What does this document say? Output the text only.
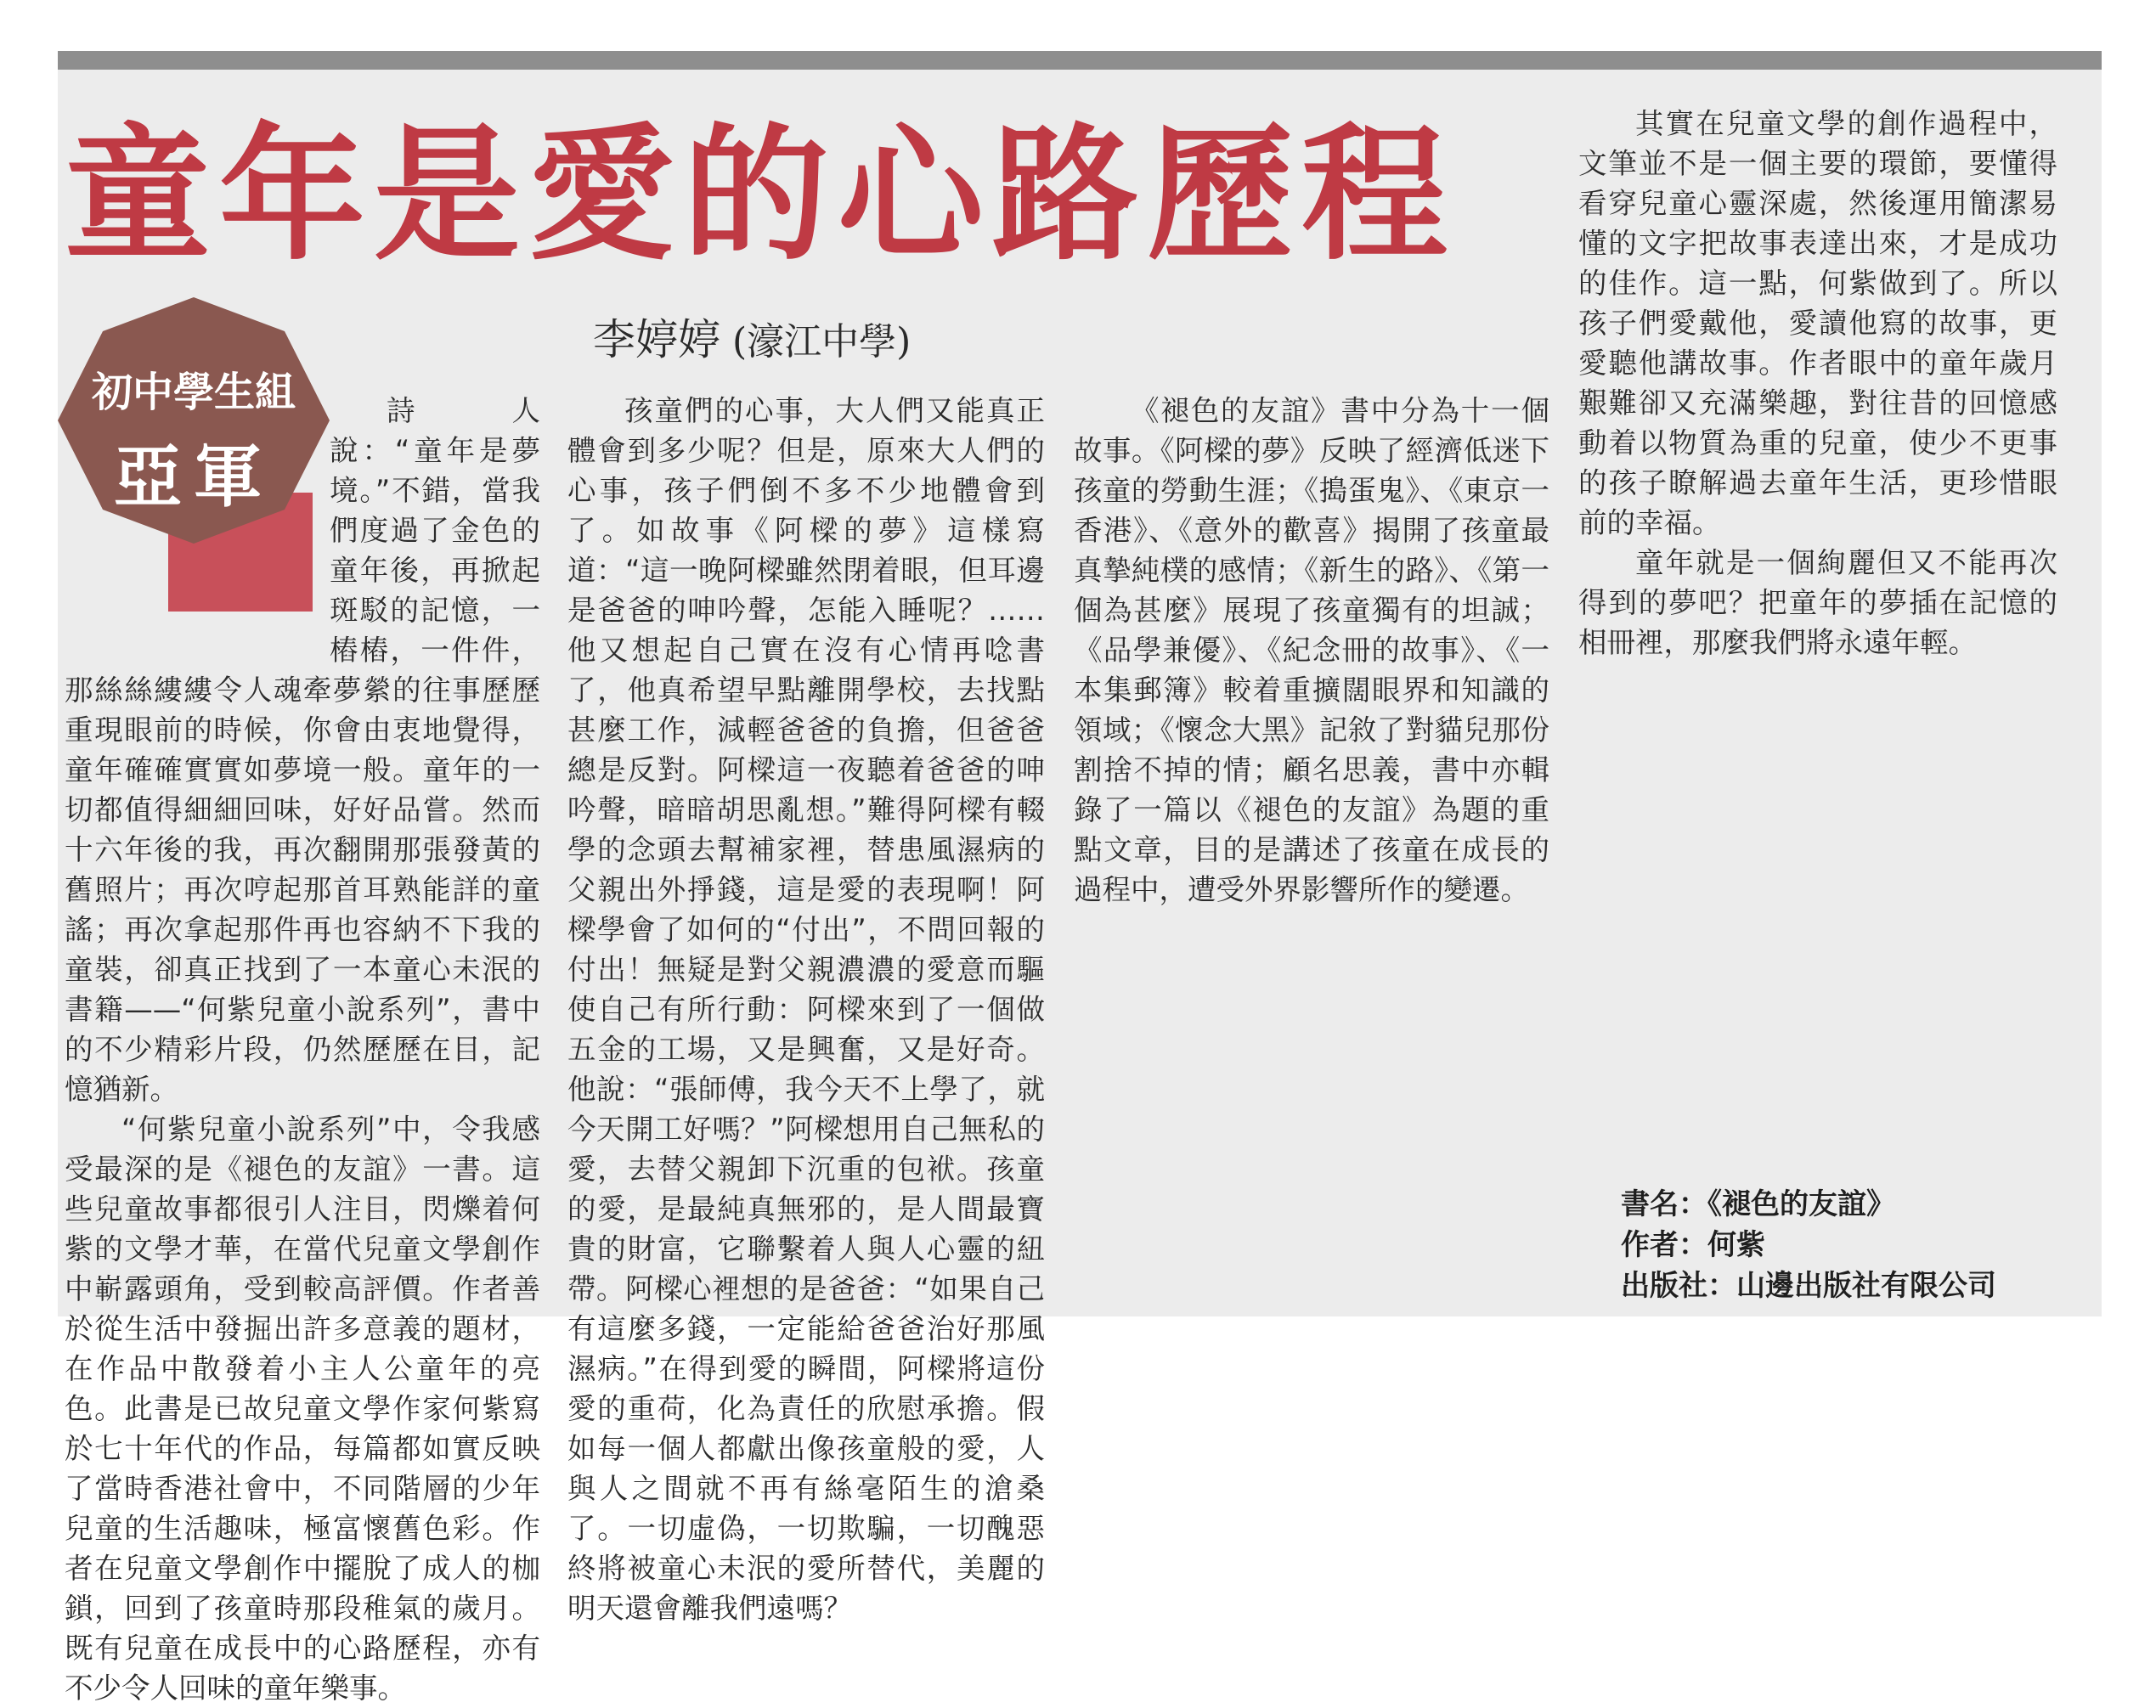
童年是愛的心路歷程
李婷婷 (濠江中學)
初中學生組
亞軍

詩人說：“童年是夢境。”不錯，當我們度過了金色的童年後，再掀起斑駁的記憶，一樁樁，一件件，那絲絲縷縷令人魂牽夢縈的往事歷歷重現眼前的時候，你會由衷地覺得，童年確確實實如夢境一般。童年的一切都值得細細回味，好好品嘗。然而十六年後的我，再次翻開那張發黃的舊照片；再次哼起那首耳熟能詳的童謠；再次拿起那件再也容納不下我的童裝，卻真正找到了一本童心未泯的書籍——“何紫兒童小說系列”，書中的不少精彩片段，仍然歷歷在目，記憶猶新。

“何紫兒童小說系列”中，令我感受最深的是《褪色的友誼》一書。這些兒童故事都很引人注目，閃爍着何紫的文學才華，在當代兒童文學創作中嶄露頭角，受到較高評價。作者善於從生活中發掘出許多意義的題材，在作品中散發着小主人公童年的亮色。此書是已故兒童文學作家何紫寫於七十年代的作品，每篇都如實反映了當時香港社會中，不同階層的少年兒童的生活趣味，極富懷舊色彩。作者在兒童文學創作中擺脫了成人的枷鎖，回到了孩童時那段稚氣的歲月。既有兒童在成長中的心路歷程，亦有不少令人回味的童年樂事。

孩童們的心事，大人們又能真正體會到多少呢？但是，原來大人們的心事，孩子們倒不多不少地體會到了。如故事《阿樑的夢》這樣寫道：“這一晚阿樑雖然閉着眼，但耳邊是爸爸的呻吟聲，怎能入睡呢？……他又想起自己實在沒有心情再唸書了，他真希望早點離開學校，去找點甚麼工作，減輕爸爸的負擔，但爸爸總是反對。阿樑這一夜聽着爸爸的呻吟聲，暗暗胡思亂想。”難得阿樑有輟學的念頭去幫補家裡，替患風濕病的父親出外掙錢，這是愛的表現啊！阿樑學會了如何的“付出”，不問回報的付出！無疑是對父親濃濃的愛意而驅使自己有所行動：阿樑來到了一個做五金的工場，又是興奮，又是好奇。他說：“張師傅，我今天不上學了，就今天開工好嗎？”阿樑想用自己無私的愛，去替父親卸下沉重的包袱。孩童的愛，是最純真無邪的，是人間最寶貴的財富，它聯繫着人與人心靈的紐帶。阿樑心裡想的是爸爸：“如果自己有這麼多錢，一定能給爸爸治好那風濕病。”在得到愛的瞬間，阿樑將這份愛的重荷，化為責任的欣慰承擔。假如每一個人都獻出像孩童般的愛，人與人之間就不再有絲毫陌生的滄桑了。一切虛偽，一切欺騙，一切醜惡終將被童心未泯的愛所替代，美麗的明天還會離我們遠嗎？

《褪色的友誼》書中分為十一個故事。《阿樑的夢》反映了經濟低迷下孩童的勞動生涯；《搗蛋鬼》、《東京一香港》、《意外的歡喜》揭開了孩童最真摯純樸的感情；《新生的路》、《第一個為甚麼》展現了孩童獨有的坦誠；《品學兼優》、《紀念冊的故事》、《一本集郵簿》較着重擴闊眼界和知識的領域；《懷念大黑》記敘了對貓兒那份割捨不掉的情；顧名思義，書中亦輯錄了一篇以《褪色的友誼》為題的重點文章，目的是講述了孩童在成長的過程中，遭受外界影響所作的變遷。

其實在兒童文學的創作過程中，文筆並不是一個主要的環節，要懂得看穿兒童心靈深處，然後運用簡潔易懂的文字把故事表達出來，才是成功的佳作。這一點，何紫做到了。所以孩子們愛戴他，愛讀他寫的故事，更愛聽他講故事。作者眼中的童年歲月艱難卻又充滿樂趣，對往昔的回憶感動着以物質為重的兒童，使少不更事的孩子瞭解過去童年生活，更珍惜眼前的幸福。

童年就是一個絢麗但又不能再次得到的夢吧？把童年的夢插在記憶的相冊裡，那麼我們將永遠年輕。

書名：《褪色的友誼》
作者：何紫
出版社：山邊出版社有限公司
